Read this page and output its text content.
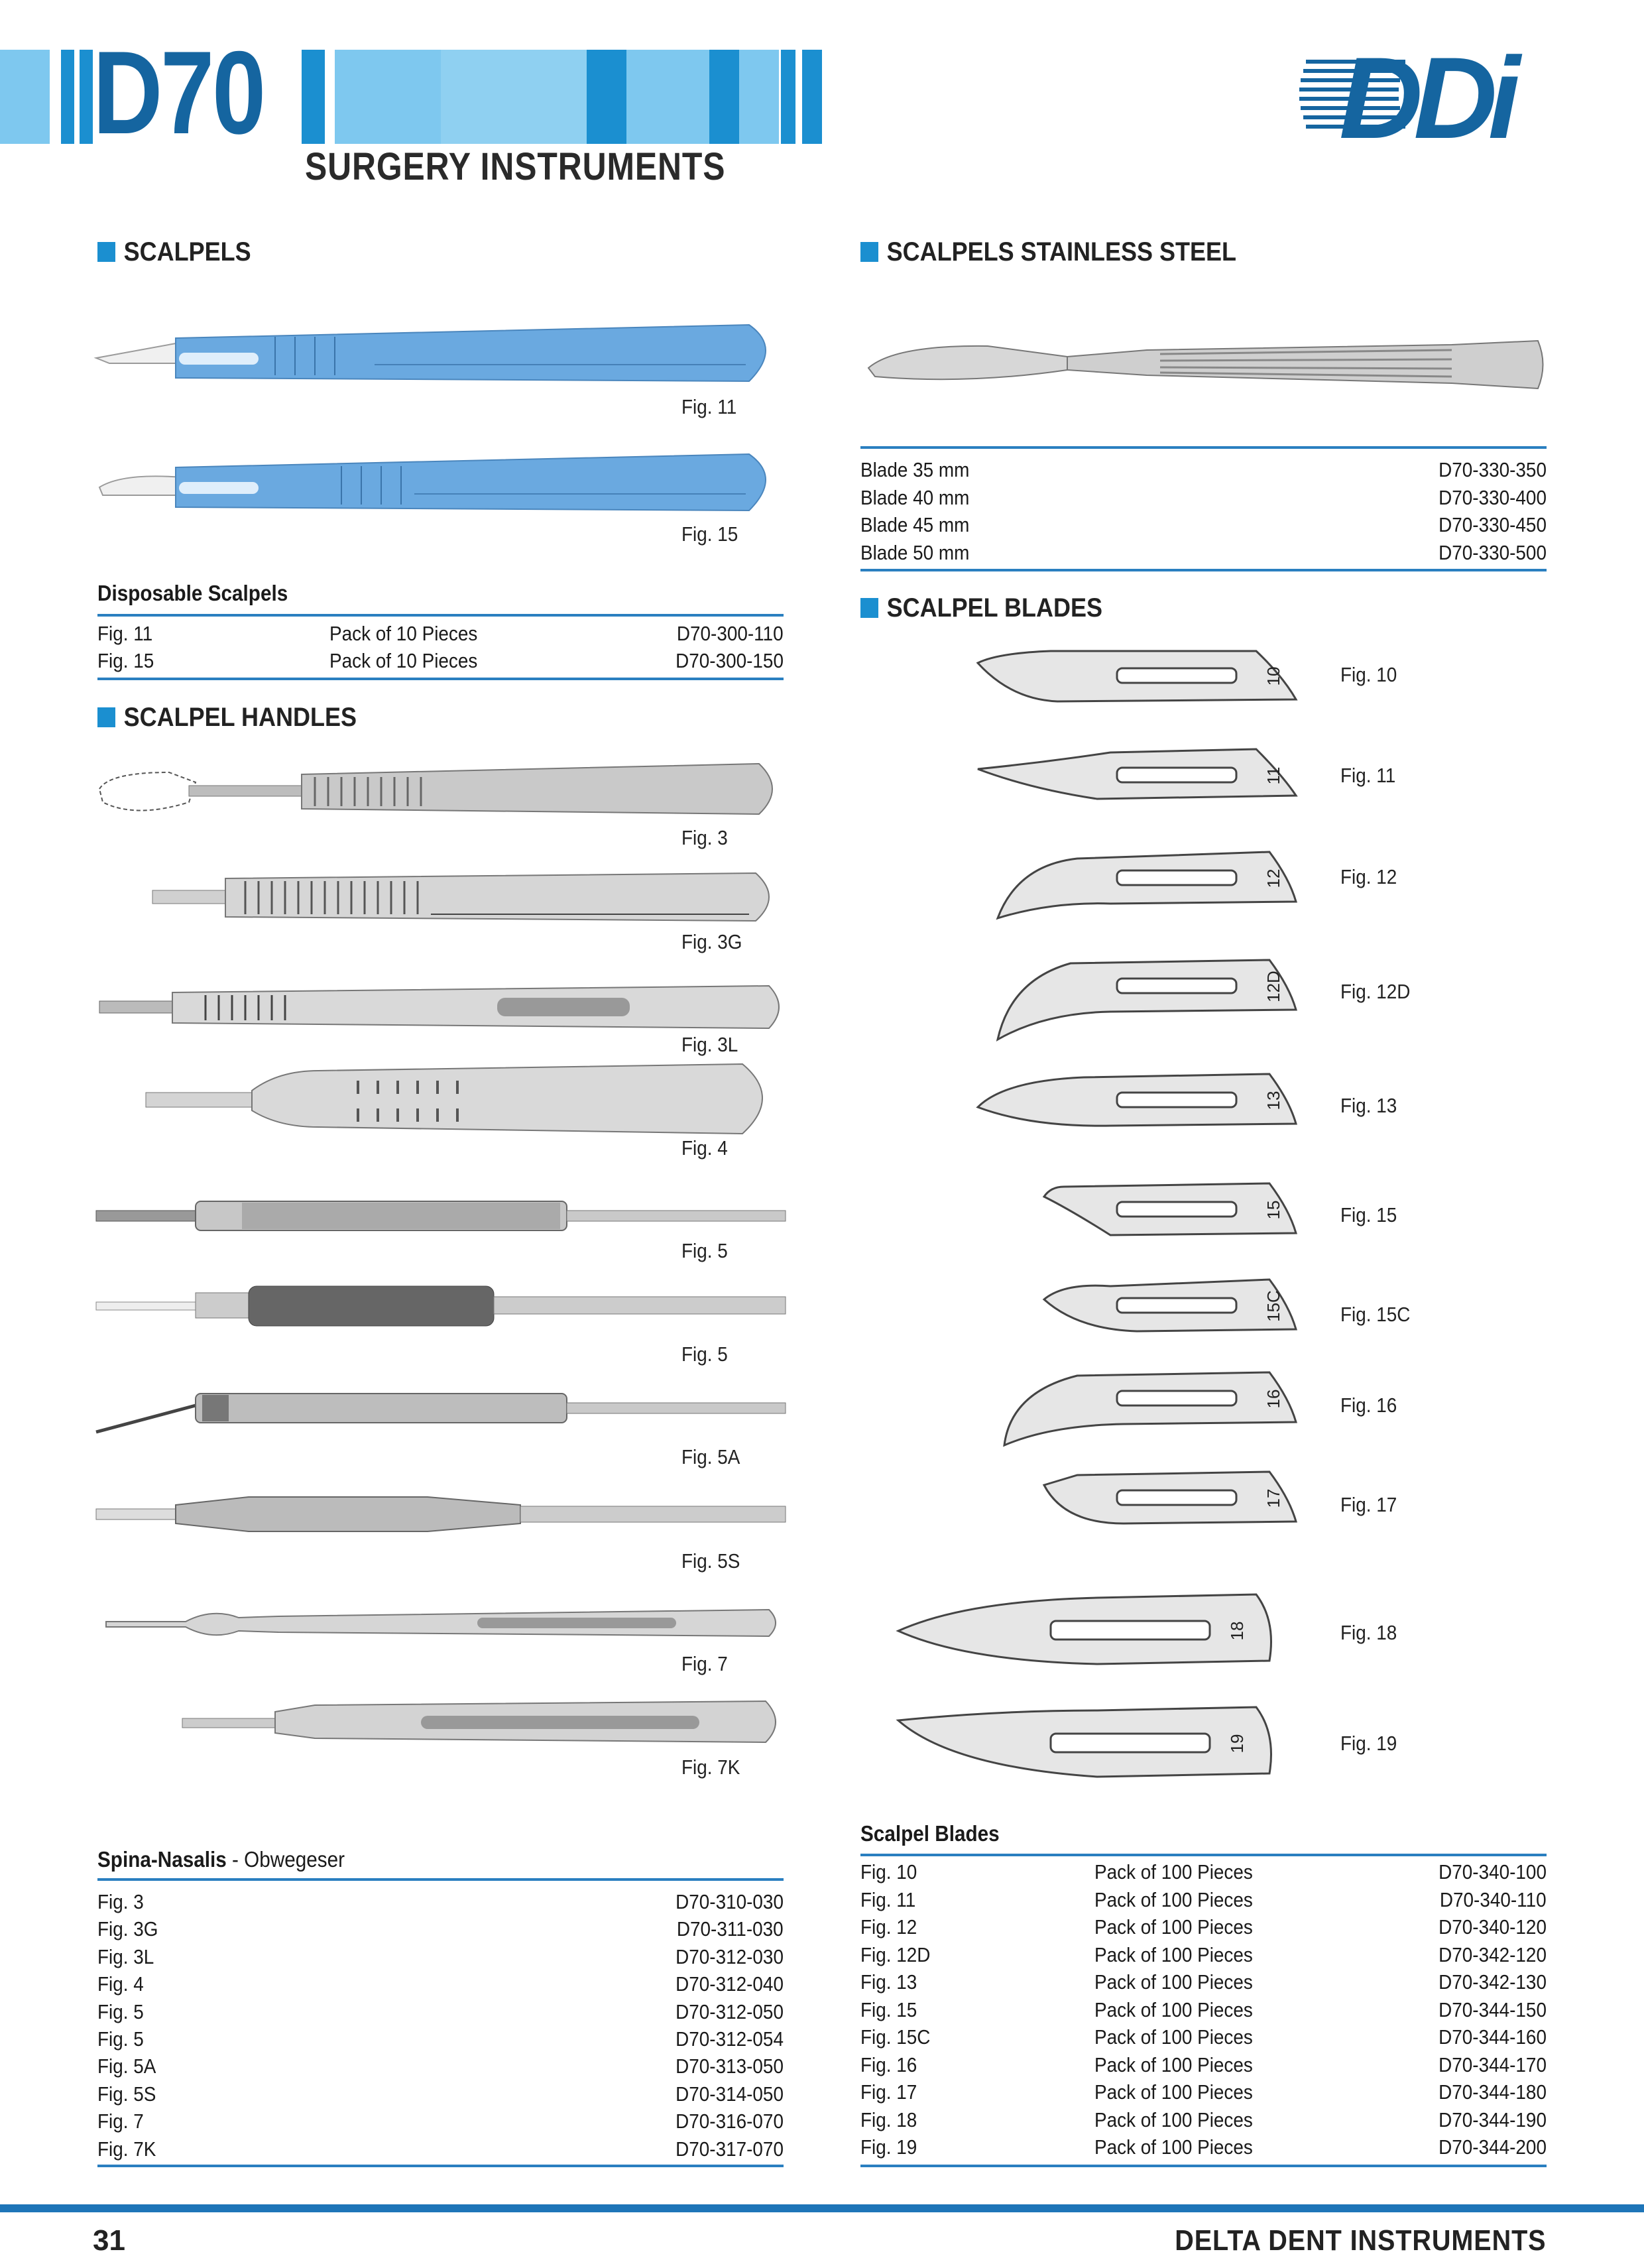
D70
SURGERY INSTRUMENTS
DDi
SCALPELS
Fig. 11
Fig. 15
Disposable Scalpels
Fig. 11	Pack of 10 Pieces	D70-300-110
Fig. 15	Pack of 10 Pieces	D70-300-150
SCALPEL HANDLES
Fig. 3
Fig. 3G
Fig. 3L
Fig. 4
Fig. 5
Fig. 5
Fig. 5A
Fig. 5S
Fig. 7
Fig. 7K
Spina-Nasalis - Obwegeser
Fig. 3	D70-310-030
Fig. 3G	D70-311-030
Fig. 3L	D70-312-030
Fig. 4	D70-312-040
Fig. 5	D70-312-050
Fig. 5	D70-312-054
Fig. 5A	D70-313-050
Fig. 5S	D70-314-050
Fig. 7	D70-316-070
Fig. 7K	D70-317-070
SCALPELS STAINLESS STEEL
Blade 35 mm	D70-330-350
Blade 40 mm	D70-330-400
Blade 45 mm	D70-330-450
Blade 50 mm	D70-330-500
SCALPEL BLADES
10	Fig. 10
11	Fig. 11
12	Fig. 12
12D	Fig. 12D
13	Fig. 13
15	Fig. 15
15C	Fig. 15C
16	Fig. 16
17	Fig. 17
18	Fig. 18
19	Fig. 19
Scalpel Blades
Fig. 10	Pack of 100 Pieces	D70-340-100
Fig. 11	Pack of 100 Pieces	D70-340-110
Fig. 12	Pack of 100 Pieces	D70-340-120
Fig. 12D	Pack of 100 Pieces	D70-342-120
Fig. 13	Pack of 100 Pieces	D70-342-130
Fig. 15	Pack of 100 Pieces	D70-344-150
Fig. 15C	Pack of 100 Pieces	D70-344-160
Fig. 16	Pack of 100 Pieces	D70-344-170
Fig. 17	Pack of 100 Pieces	D70-344-180
Fig. 18	Pack of 100 Pieces	D70-344-190
Fig. 19	Pack of 100 Pieces	D70-344-200
31	DELTA DENT INSTRUMENTS
